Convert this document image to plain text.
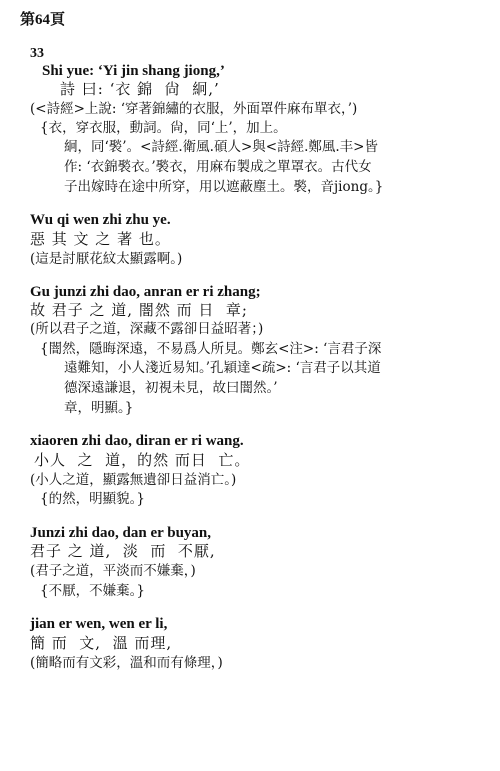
第64頁
33
Shi yue: ‘Yi jin shang jiong,’
詩 曰: ‘衣 錦  尙  絅,’
(<詩經>上說: ‘穿著錦繡的衣服，外面罩件麻布單衣，’)
{衣，穿衣服，動詞。尙，同‘上’，加上。
絅，同‘褧’。<詩經.衛風.碩人>與<詩經.鄭風.丰>皆
作: ‘衣錦褧衣。’褧衣，用麻布製成之單罩衣。古代女
子出嫁時在途中所穿，用以遮蔽塵土。褧，音jiong。}
Wu qi wen zhi zhu ye.
惡 其 文 之 著 也。
(這是討厭花紋太顯露啊。)
Gu junzi zhi dao, anran er ri zhang;
故 君子 之 道, 闇然 而 日  章;
(所以君子之道，深藏不露卻日益昭著；)
{闇然，隱晦深遠，不易爲人所見。鄭玄<注>: ‘言君子深
遠難知，小人淺近易知。’孔穎達<疏>: ‘言君子以其道
德深遠謙退，初視未見，故曰闇然。’
章，明顯。}
xiaoren zhi dao, diran er ri wang.
小人  之  道，的然 而日  亡。
(小人之道，顯露無遺卻日益消亡。)
{的然，明顯貌。}
Junzi zhi dao, dan er buyan,
君子 之 道,  淡  而  不厭,
(君子之道，平淡而不嫌棄，)
{不厭，不嫌棄。}
jian er wen, wen er li,
簡 而  文,  溫 而理,
(簡略而有文彩，溫和而有條理，)
